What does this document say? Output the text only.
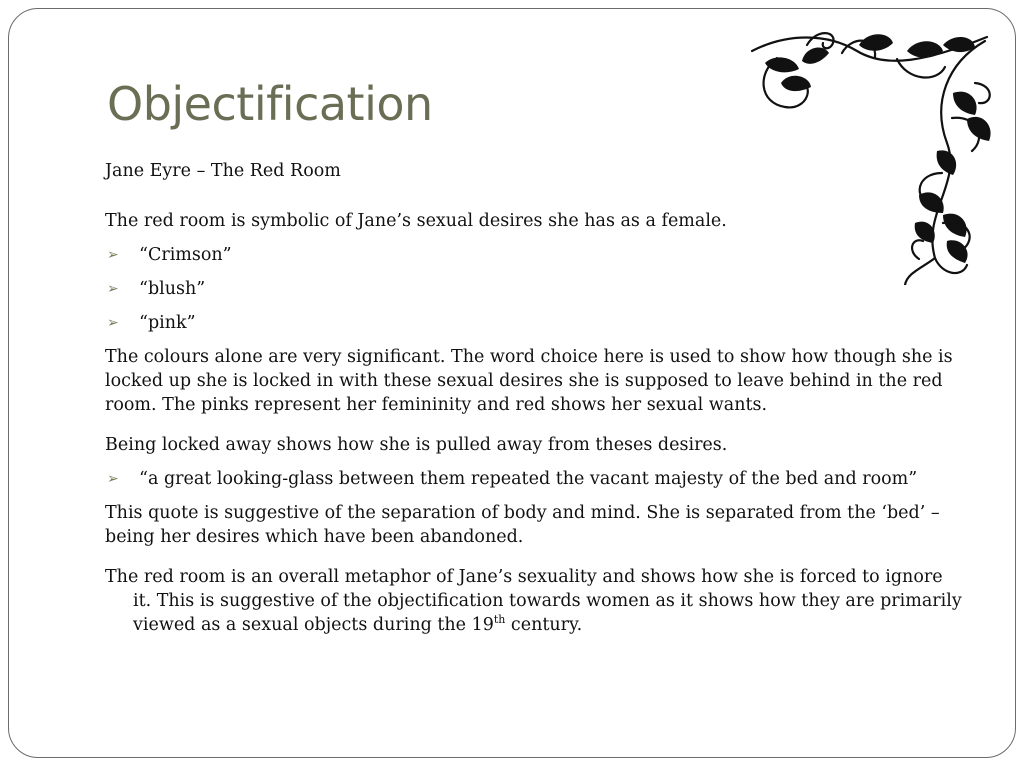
Objectification

Jane Eyre – The Red Room

The red room is symbolic of Jane’s sexual desires she has as a female.

➢ “Crimson”
➢ “blush”
➢ “pink”

The colours alone are very significant. The word choice here is used to show how though she is locked up she is locked in with these sexual desires she is supposed to leave behind in the red room. The pinks represent her femininity and red shows her sexual wants.

Being locked away shows how she is pulled away from theses desires.

➢ “a great looking-glass between them repeated the vacant majesty of the bed and room”

This quote is suggestive of the separation of body and mind. She is separated from the ‘bed’ – being her desires which have been abandoned.

The red room is an overall metaphor of Jane’s sexuality and shows how she is forced to ignore it. This is suggestive of the objectification towards women as it shows how they are primarily viewed as a sexual objects during the 19th century.
